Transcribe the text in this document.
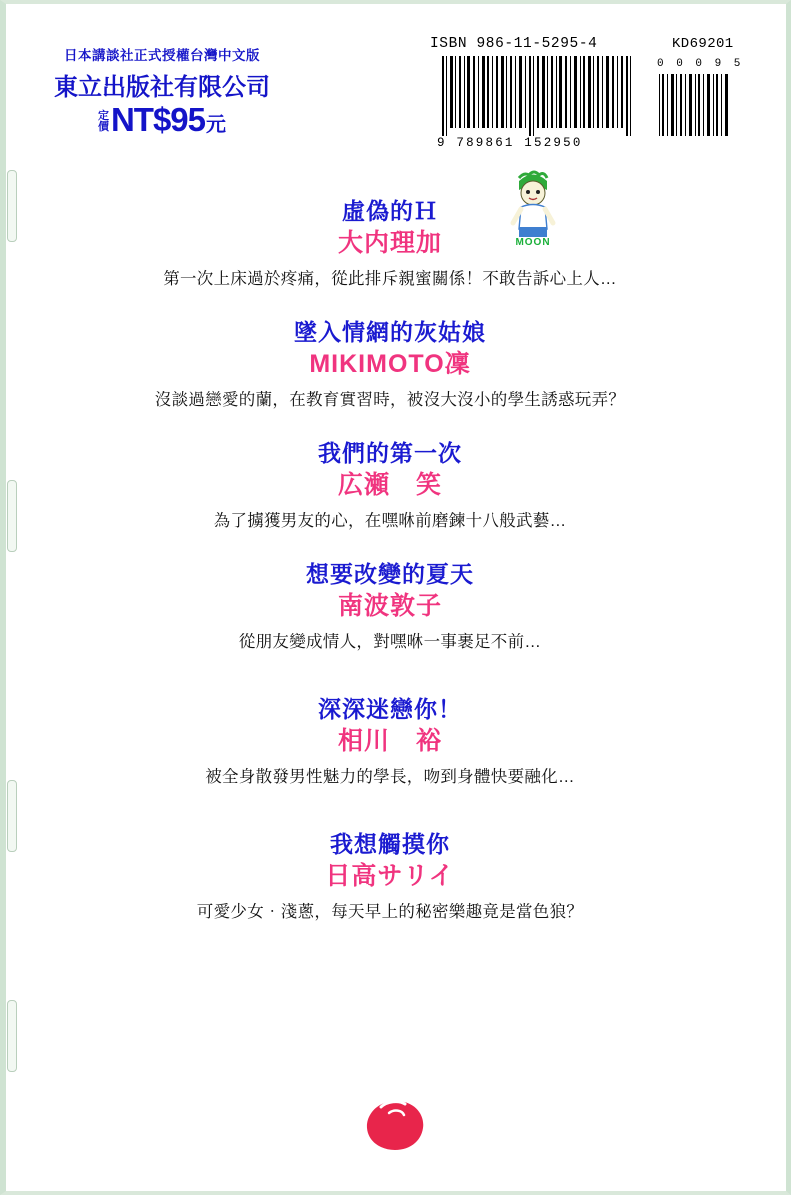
日本講談社正式授權台灣中文版
東立出版社有限公司
定
價 NT$95 元
ISBN 986-11-5295-4	KD69201
9 789861 152950
0 0 0 9 5
MOON
虛偽的Ｈ
大内理加
第一次上床過於疼痛，從此排斥親蜜關係！不敢告訴心上人…
墜入情網的灰姑娘
MIKIMOTO凜
沒談過戀愛的蘭，在教育實習時，被沒大沒小的學生誘惑玩弄？
我們的第一次
広瀬　笑
為了擄獲男友的心，在嘿咻前磨鍊十八般武藝…
想要改變的夏天
南波敦子
從朋友變成情人，對嘿咻一事裹足不前…
深深迷戀你！
相川　裕
被全身散發男性魅力的學長，吻到身體快要融化…
我想觸摸你
日高サリイ
可愛少女‧淺蔥，每天早上的秘密樂趣竟是當色狼？
